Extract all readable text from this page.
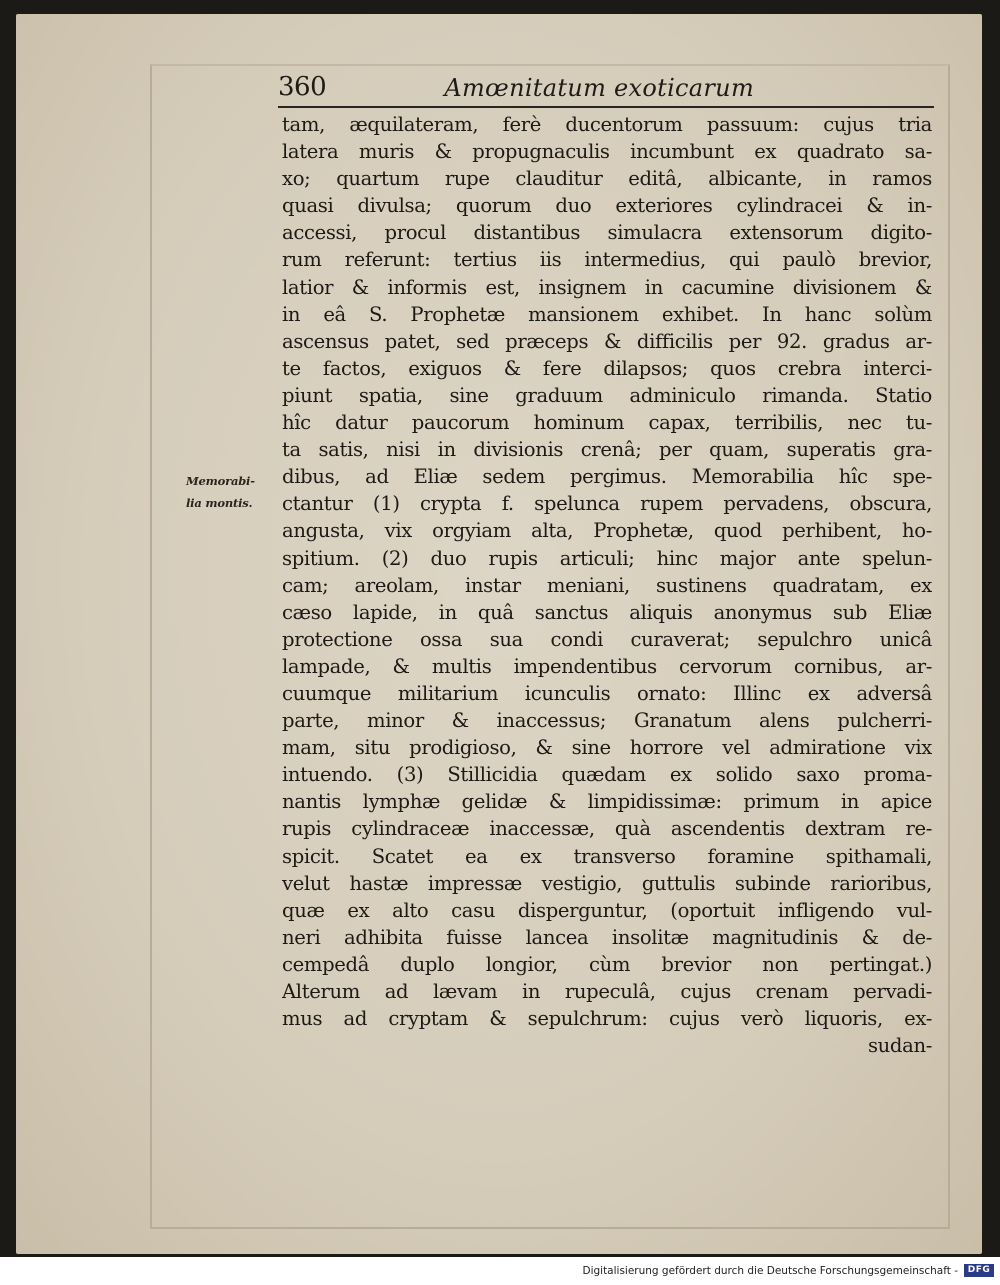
360	Amœnitatum exoticarum
Memorabi-
lia montis.
tam, æquilateram, ferè ducentorum passuum: cujus tria
latera muris & propugnaculis incumbunt ex quadrato sa-
xo; quartum rupe clauditur editâ, albicante, in ramos
quasi divulsa; quorum duo exteriores cylindracei & in-
accessi, procul distantibus simulacra extensorum digito-
rum referunt: tertius iis intermedius, qui paulò brevior,
latior & informis est, insignem in cacumine divisionem &
in eâ S. Prophetæ mansionem exhibet. In hanc solùm
ascensus patet, sed præceps & difficilis per 92. gradus ar-
te factos, exiguos & fere dilapsos; quos crebra interci-
piunt spatia, sine graduum adminiculo rimanda. Statio
hîc datur paucorum hominum capax, terribilis, nec tu-
ta satis, nisi in divisionis crenâ; per quam, superatis gra-
dibus, ad Eliæ sedem pergimus. Memorabilia hîc spe-
ctantur (1) crypta f. spelunca rupem pervadens, obscura,
angusta, vix orgyiam alta, Prophetæ, quod perhibent, ho-
spitium. (2) duo rupis articuli; hinc major ante spelun-
cam; areolam, instar meniani, sustinens quadratam, ex
cæso lapide, in quâ sanctus aliquis anonymus sub Eliæ
protectione ossa sua condi curaverat; sepulchro unicâ
lampade, & multis impendentibus cervorum cornibus, ar-
cuumque militarium icunculis ornato: Illinc ex adversâ
parte, minor & inaccessus; Granatum alens pulcherri-
mam, situ prodigioso, & sine horrore vel admiratione vix
intuendo. (3) Stillicidia quædam ex solido saxo proma-
nantis lymphæ gelidæ & limpidissimæ: primum in apice
rupis cylindraceæ inaccessæ, quà ascendentis dextram re-
spicit. Scatet ea ex transverso foramine spithamali,
velut hastæ impressæ vestigio, guttulis subinde rarioribus,
quæ ex alto casu disperguntur, (oportuit infligendo vul-
neri adhibita fuisse lancea insolitæ magnitudinis & de-
cempedâ duplo longior, cùm brevior non pertingat.)
Alterum ad lævam in rupeculâ, cujus crenam pervadi-
mus ad cryptam & sepulchrum: cujus verò liquoris, ex-
sudan-
Digitalisierung gefördert durch die Deutsche Forschungsgemeinschaft -	DFG
